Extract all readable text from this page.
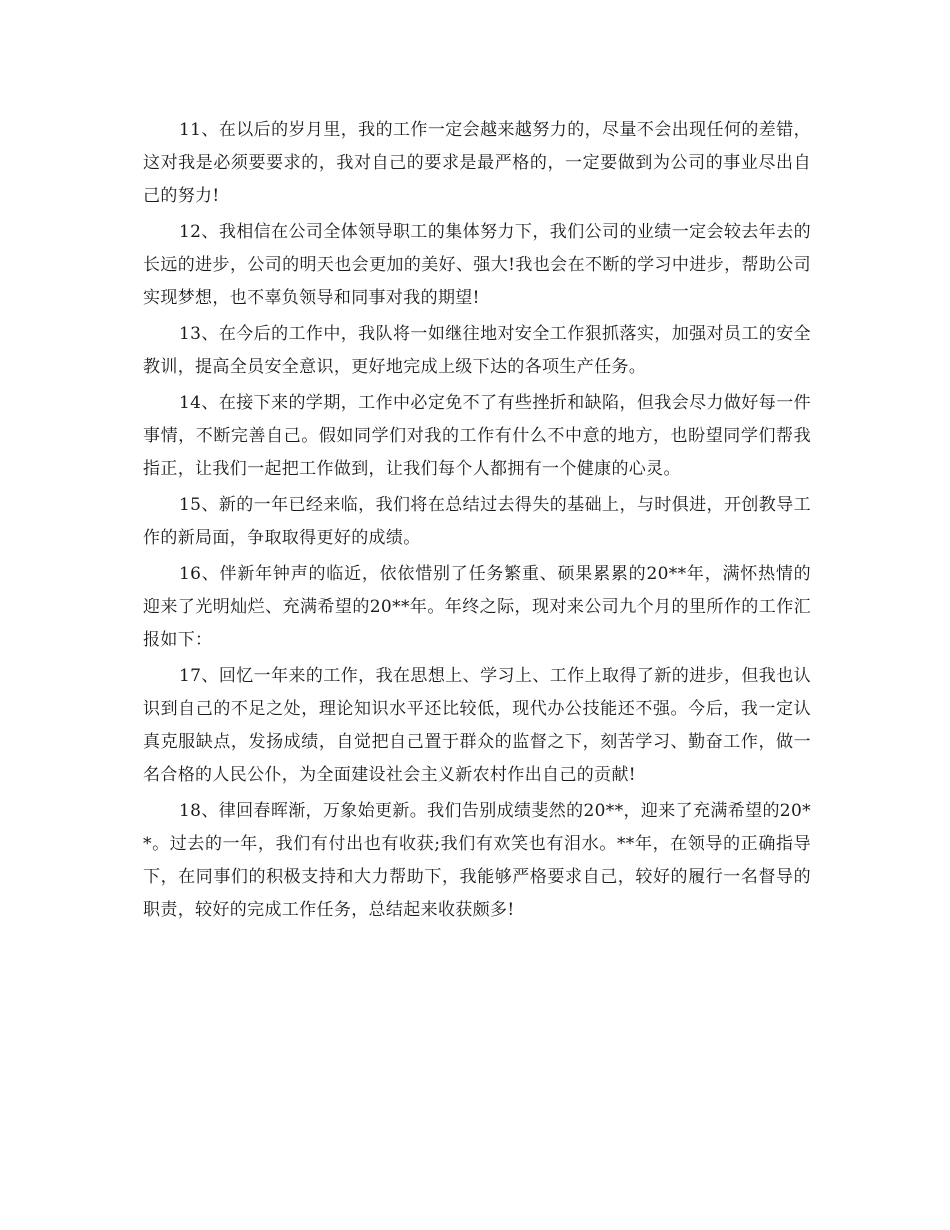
11、在以后的岁月里，我的工作一定会越来越努力的，尽量不会出现任何的差错，这对我是必须要要求的，我对自己的要求是最严格的，一定要做到为公司的事业尽出自己的努力!

12、我相信在公司全体领导职工的集体努力下，我们公司的业绩一定会较去年去的长远的进步，公司的明天也会更加的美好、强大!我也会在不断的学习中进步，帮助公司实现梦想，也不辜负领导和同事对我的期望!

13、在今后的工作中，我队将一如继往地对安全工作狠抓落实，加强对员工的安全教训，提高全员安全意识，更好地完成上级下达的各项生产任务。

14、在接下来的学期，工作中必定免不了有些挫折和缺陷，但我会尽力做好每一件事情，不断完善自己。假如同学们对我的工作有什么不中意的地方，也盼望同学们帮我指正，让我们一起把工作做到，让我们每个人都拥有一个健康的心灵。

15、新的一年已经来临，我们将在总结过去得失的基础上，与时俱进，开创教导工作的新局面，争取取得更好的成绩。

16、伴新年钟声的临近，依依惜别了任务繁重、硕果累累的20**年，满怀热情的迎来了光明灿烂、充满希望的20**年。年终之际，现对来公司九个月的里所作的工作汇报如下：

17、回忆一年来的工作，我在思想上、学习上、工作上取得了新的进步，但我也认识到自己的不足之处，理论知识水平还比较低，现代办公技能还不强。今后，我一定认真克服缺点，发扬成绩，自觉把自己置于群众的监督之下，刻苦学习、勤奋工作，做一名合格的人民公仆，为全面建设社会主义新农村作出自己的贡献!

18、律回春晖渐，万象始更新。我们告别成绩斐然的20**，迎来了充满希望的20**。过去的一年，我们有付出也有收获;我们有欢笑也有泪水。**年，在领导的正确指导下，在同事们的积极支持和大力帮助下，我能够严格要求自己，较好的履行一名督导的职责，较好的完成工作任务，总结起来收获颇多!
